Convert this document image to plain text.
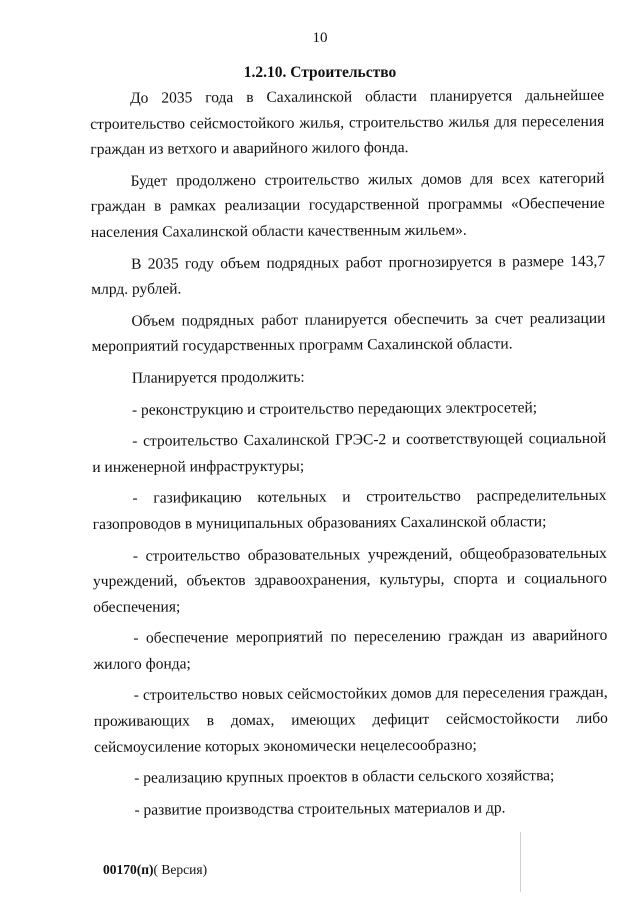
10
1.2.10. Строительство

До 2035 года в Сахалинской области планируется дальнейшее строительство сейсмостойкого жилья, строительство жилья для переселения граждан из ветхого и аварийного жилого фонда.

Будет продолжено строительство жилых домов для всех категорий граждан в рамках реализации государственной программы «Обеспечение населения Сахалинской области качественным жильем».

В 2035 году объем подрядных работ прогнозируется в размере 143,7 млрд. рублей.

Объем подрядных работ планируется обеспечить за счет реализации мероприятий государственных программ Сахалинской области.

Планируется продолжить:

- реконструкцию и строительство передающих электросетей;

- строительство Сахалинской ГРЭС-2 и соответствующей социальной и инженерной инфраструктуры;

- газификацию котельных и строительство распределительных газопроводов в муниципальных образованиях Сахалинской области;

- строительство образовательных учреждений, общеобразовательных учреждений, объектов здравоохранения, культуры, спорта и социального обеспечения;

- обеспечение мероприятий по переселению граждан из аварийного жилого фонда;

- строительство новых сейсмостойких домов для переселения граждан, проживающих в домах, имеющих дефицит сейсмостойкости либо сейсмоусиление которых экономически нецелесообразно;

- реализацию крупных проектов в области сельского хозяйства;

- развитие производства строительных материалов и др.

00170(п)( Версия)
